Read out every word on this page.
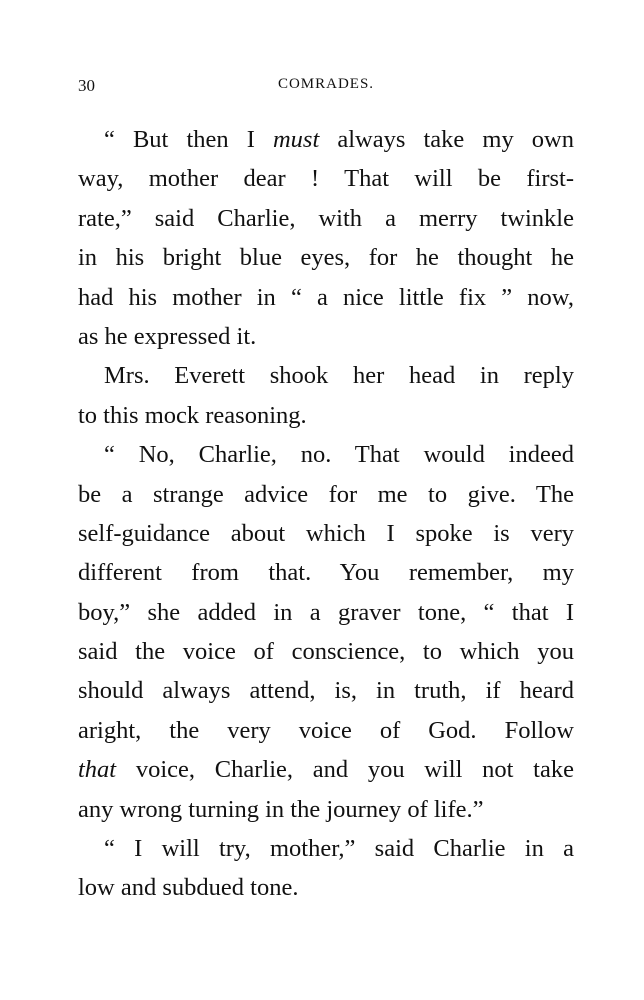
30	COMRADES.
“ But then I must always take my own
way, mother dear ! That will be first-
rate,” said Charlie, with a merry twinkle
in his bright blue eyes, for he thought he
had his mother in “ a nice little fix ” now,
as he expressed it.
Mrs. Everett shook her head in reply
to this mock reasoning.
“ No, Charlie, no. That would indeed
be a strange advice for me to give. The
self-guidance about which I spoke is very
different from that. You remember, my
boy,” she added in a graver tone, “ that I
said the voice of conscience, to which you
should always attend, is, in truth, if heard
aright, the very voice of God. Follow
that voice, Charlie, and you will not take
any wrong turning in the journey of life.”
“ I will try, mother,” said Charlie in a
low and subdued tone.
